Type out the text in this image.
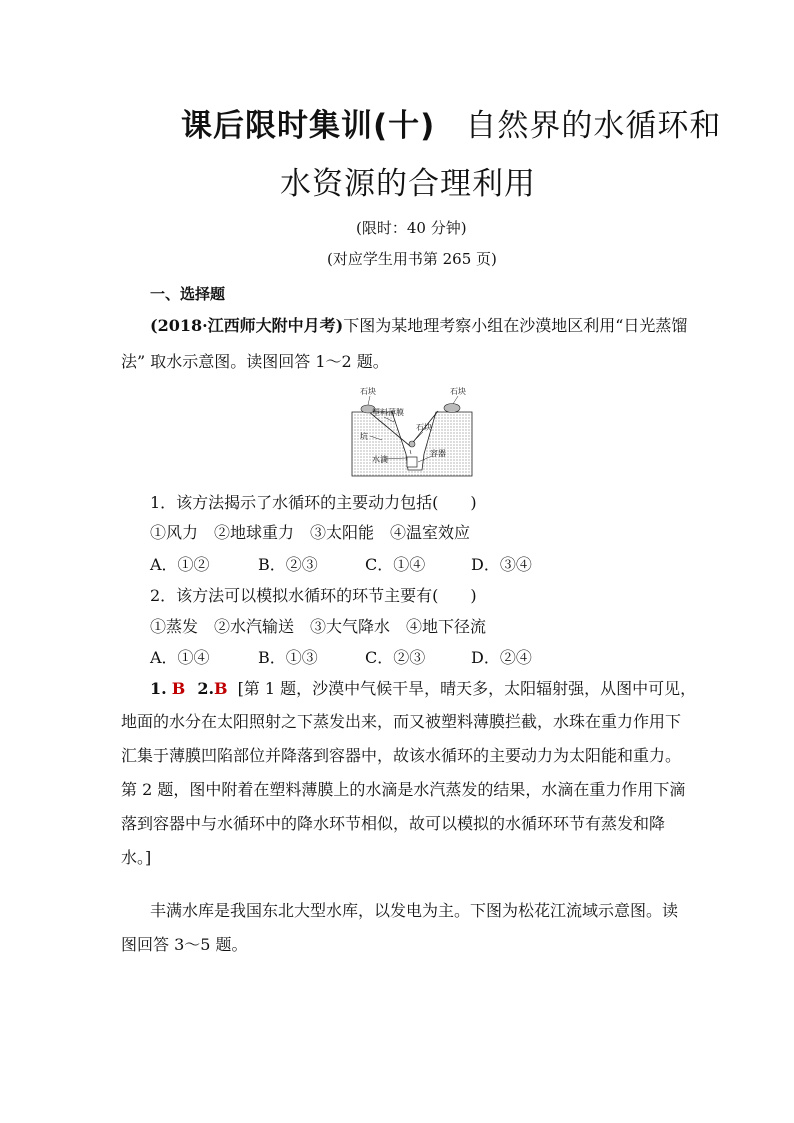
课后限时集训(十) 自然界的水循环和
水资源的合理利用
(限时：40 分钟)
(对应学生用书第 265 页)
一、选择题
(2018·江西师大附中月考)下图为某地理考察小组在沙漠地区利用“日光蒸馏
法” 取水示意图。读图回答 1～2 题。
石块	石块
塑料薄膜
石块
坑
水滴
容器
1．该方法揭示了水循环的主要动力包括(　　)
①风力　②地球重力　③太阳能　④温室效应
A．①②	B．②③	C．①④	D．③④
2．该方法可以模拟水循环的环节主要有(　　)
①蒸发　②水汽输送　③大气降水　④地下径流
A．①④	B．①③	C．②③	D．②④
1. B 2.B [第 1 题，沙漠中气候干旱，晴天多，太阳辐射强，从图中可见，
地面的水分在太阳照射之下蒸发出来，而又被塑料薄膜拦截，水珠在重力作用下
汇集于薄膜凹陷部位并降落到容器中，故该水循环的主要动力为太阳能和重力。
第 2 题，图中附着在塑料薄膜上的水滴是水汽蒸发的结果，水滴在重力作用下滴
落到容器中与水循环中的降水环节相似，故可以模拟的水循环环节有蒸发和降
水。]
丰满水库是我国东北大型水库，以发电为主。下图为松花江流域示意图。读
图回答 3～5 题。
